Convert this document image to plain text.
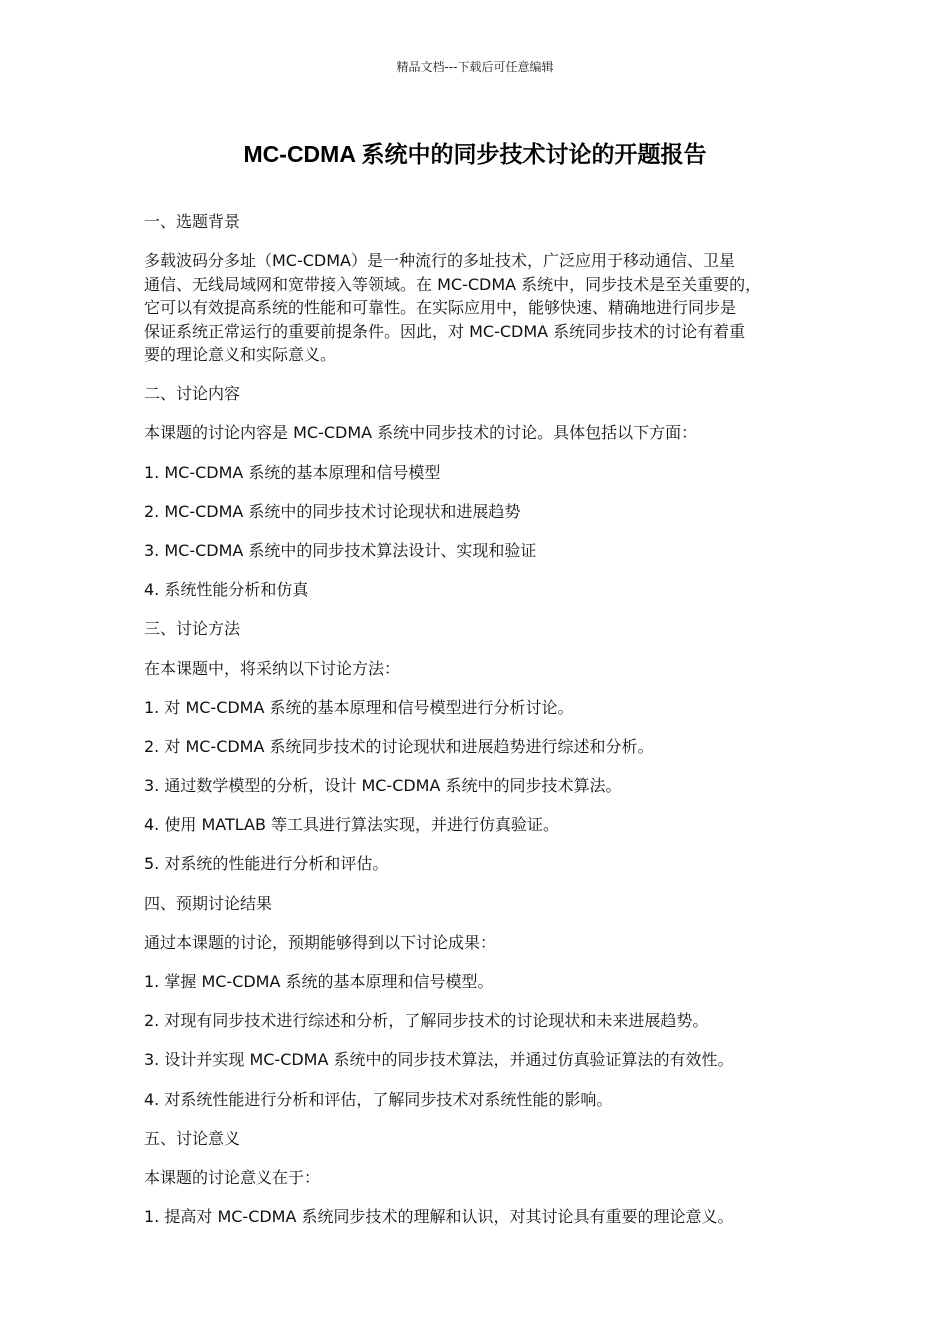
精品文档---下载后可任意编辑
MC-CDMA 系统中的同步技术讨论的开题报告
一、选题背景
多载波码分多址（MC-CDMA）是一种流行的多址技术，广泛应用于移动通信、卫星
通信、无线局域网和宽带接入等领域。在 MC-CDMA 系统中，同步技术是至关重要的，
它可以有效提高系统的性能和可靠性。在实际应用中，能够快速、精确地进行同步是
保证系统正常运行的重要前提条件。因此，对 MC-CDMA 系统同步技术的讨论有着重
要的理论意义和实际意义。
二、讨论内容
本课题的讨论内容是 MC-CDMA 系统中同步技术的讨论。具体包括以下方面：
1. MC-CDMA 系统的基本原理和信号模型
2. MC-CDMA 系统中的同步技术讨论现状和进展趋势
3. MC-CDMA 系统中的同步技术算法设计、实现和验证
4. 系统性能分析和仿真
三、讨论方法
在本课题中，将采纳以下讨论方法：
1. 对 MC-CDMA 系统的基本原理和信号模型进行分析讨论。
2. 对 MC-CDMA 系统同步技术的讨论现状和进展趋势进行综述和分析。
3. 通过数学模型的分析，设计 MC-CDMA 系统中的同步技术算法。
4. 使用 MATLAB 等工具进行算法实现，并进行仿真验证。
5. 对系统的性能进行分析和评估。
四、预期讨论结果
通过本课题的讨论，预期能够得到以下讨论成果：
1. 掌握 MC-CDMA 系统的基本原理和信号模型。
2. 对现有同步技术进行综述和分析，了解同步技术的讨论现状和未来进展趋势。
3. 设计并实现 MC-CDMA 系统中的同步技术算法，并通过仿真验证算法的有效性。
4. 对系统性能进行分析和评估，了解同步技术对系统性能的影响。
五、讨论意义
本课题的讨论意义在于：
1. 提高对 MC-CDMA 系统同步技术的理解和认识，对其讨论具有重要的理论意义。
